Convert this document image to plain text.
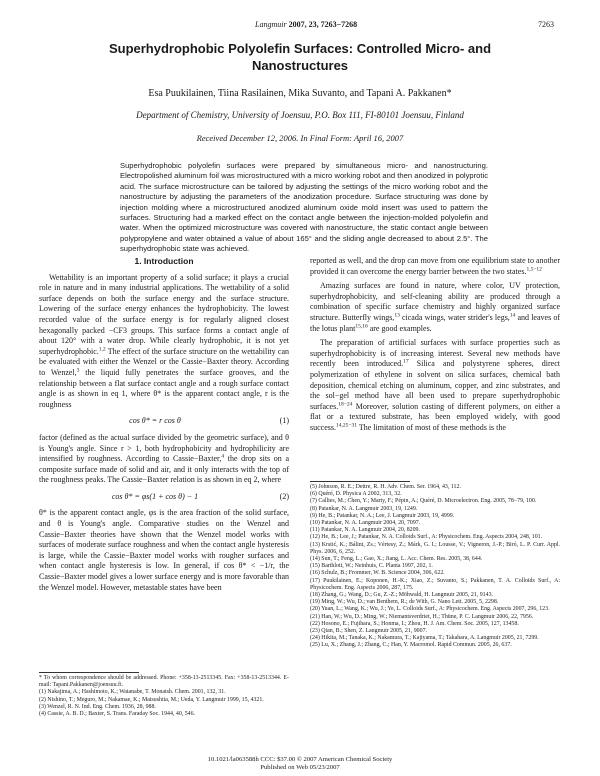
Langmuir 2007, 23, 7263−7268	7263
Superhydrophobic Polyolefin Surfaces: Controlled Micro- and Nanostructures
Esa Puukilainen, Tiina Rasilainen, Mika Suvanto, and Tapani A. Pakkanen*
Department of Chemistry, University of Joensuu, P.O. Box 111, FI-80101 Joensuu, Finland
Received December 12, 2006. In Final Form: April 16, 2007
Superhydrophobic polyolefin surfaces were prepared by simultaneous micro- and nanostructuring. Electropolished aluminum foil was microstructured with a micro working robot and then anodized in polyprotic acid. The surface microstructure can be tailored by adjusting the settings of the micro working robot and the nanostructure by adjusting the parameters of the anodization procedure. Surface structuring was done by injection molding where a microstructured anodized aluminum oxide mold insert was used to pattern the surfaces. Structuring had a marked effect on the contact angle between the injection-molded polyolefin and water. When the optimized microstructure was covered with nanostructure, the static contact angle between polypropylene and water obtained a value of about 165° and the sliding angle decreased to about 2.5°. The superhydrophobic state was achieved.
1. Introduction

Wettability is an important property of a solid surface; it plays a crucial role in nature and in many industrial applications. The wettability of a solid surface depends on both the surface energy and the surface structure. Lowering of the surface energy enhances the hydrophobicity. The lowest recorded value of the surface energy is for regularly aligned closest hexagonally packed −CF3 groups. This surface forms a contact angle of about 120° with a water drop. While clearly hydrophobic, it is not yet superhydrophobic.$^{1,2}$ The effect of the surface structure on the wettability can be evaluated with either the Wenzel or the Cassie−Baxter theory. According to Wenzel,$^3$ the liquid fully penetrates the surface grooves, and the relationship between a flat surface contact angle and a rough surface contact angle is as shown in eq 1, where θ* is the apparent contact angle, r is the roughness

cos θ* = r cos θ	(1)

factor (defined as the actual surface divided by the geometric surface), and θ is Young's angle. Since r > 1, both hydrophobicity and hydrophilicity are intensified by roughness. According to Cassie−Baxter,$^4$ the drop sits on a composite surface made of solid and air, and it only interacts with the top of the roughness peaks. The Cassie−Baxter relation is as shown in eq 2, where

cos θ* = φs(1 + cos θ) − 1	(2)

θ* is the apparent contact angle, φs is the area fraction of the solid surface, and θ is Young's angle. Comparative studies on the Wenzel and Cassie−Baxter theories have shown that the Wenzel model works with surfaces of moderate surface roughness and when the contact angle hysteresis is large, while the Cassie−Baxter model works with rougher surfaces and when contact angle hysteresis is low. In general, if cos θ* < −1/r, the Cassie−Baxter model gives a lower surface energy and is more favorable than the Wenzel model. However, metastable states have been

* To whom correspondence should be addressed. Phone: +358-13-2513345. Fax: +358-13-2513344. E-mail: Tapani.Pakkanen@joensuu.fi.
(1) Nakajima, A.; Hashimoto, K.; Watanabe, T. Monatsh. Chem. 2001, 132, 31.
(2) Nishino, T.; Meguro, M.; Nakamae, K.; Matsushita, M.; Ueda, Y. Langmuir 1999, 15, 4321.
(3) Wenzel, R. N. Ind. Eng. Chem. 1936, 28, 988.
(4) Cassie, A. B. D.; Baxter, S. Trans. Faraday Soc. 1944, 40, 546.

reported as well, and the drop can move from one equilibrium state to another provided it can overcome the energy barrier between the two states.$^{1,5-12}$

Amazing surfaces are found in nature, where color, UV protection, superhydrophobicity, and self-cleaning ability are produced through a combination of specific surface chemistry and highly organized surface structure. Butterfly wings,$^{13}$ cicada wings, water strider's legs,$^{14}$ and leaves of the lotus plant$^{15,16}$ are good examples.

The preparation of artificial surfaces with surface properties such as superhydrophobicity is of increasing interest. Several new methods have recently been introduced.$^{17}$ Silica and polystyrene spheres, direct polymerization of ethylene in solvent on silica surfaces, chemical bath deposition, chemical etching on aluminum, copper, and zinc substrates, and the sol−gel method have all been used to prepare superhydrophobic surfaces.$^{18-24}$ Moreover, solution casting of different polymers, on either a flat or a textured substrate, has been employed widely, with good success.$^{14,25-31}$ The limitation of most of these methods is the

(5) Johnson, R. E.; Dettre, R. H. Adv. Chem. Ser. 1964, 43, 112.
(6) Quéré, D. Physica A 2002, 313, 32.
(7) Callies, M.; Chen, Y.; Marty, F.; Pépin, A.; Quéré, D. Microelectron. Eng. 2005, 78−79, 100.
(8) Patankar, N. A. Langmuir 2003, 19, 1249.
(9) He, B.; Patankar, N. A.; Lee, J. Langmuir 2003, 19, 4999.
(10) Patankar, N. A. Langmuir 2004, 20, 7097.
(11) Patankar, N. A. Langmuir 2004, 20, 8209.
(12) He, B.; Lee, J.; Patankar, N. A. Colloids Surf., A: Physicochem. Eng. Aspects 2004, 248, 101.
(13) Krstić, K.; Bálint, Zs.; Vértesy, Z.; Márk, G. I.; Lousse, V.; Vigneron, J.-P.; Biró, L. P. Curr. Appl. Phys. 2006, 6, 252.
(14) Sun, T.; Feng, L.; Gao, X.; Jiang, L. Acc. Chem. Res. 2005, 38, 644.
(15) Barthlott, W.; Neinhuis, C. Planta 1997, 202, 1.
(16) Schulz, B.; Frommer, W. B. Science 2004, 306, 622.
(17) Puukilainen, E.; Koponen, H.-K.; Xiao, Z.; Suvanto, S.; Pakkanen, T. A. Colloids Surf., A: Physicochem. Eng. Aspects 2006, 287, 175.
(18) Zhang, G.; Wang, D.; Gu, Z.-Z.; Möhwald, H. Langmuir 2005, 21, 9143.
(19) Ming, W.; Wu, D.; van Benthem, R.; de With, G. Nano Lett. 2005, 5, 2298.
(20) Yuan, L.; Wang, K.; Wu, J.; Ye, L. Colloids Surf., A: Physicochem. Eng. Aspects 2007, 296, 123.
(21) Han, W.; Wu, D.; Ming, W.; Niemantsverdriet, H.; Thüne, P. C. Langmuir 2006, 22, 7956.
(22) Hosono, E.; Fujihara, S.; Honma, I.; Zhou, H. J. Am. Chem. Soc. 2005, 127, 13458.
(23) Qian, B.; Shen, Z. Langmuir 2005, 21, 9007.
(24) Hikita, M.; Tanaka, K.; Nakamura, T.; Kajiyama, T.; Takahara, A. Langmuir 2005, 21, 7299.
(25) Lu, X.; Zhang, J.; Zhang, C.; Han, Y. Macromol. Rapid Commun. 2005, 26, 637.
10.1021/la063588h CCC: $37.00 © 2007 American Chemical Society
Published on Web 05/23/2007
